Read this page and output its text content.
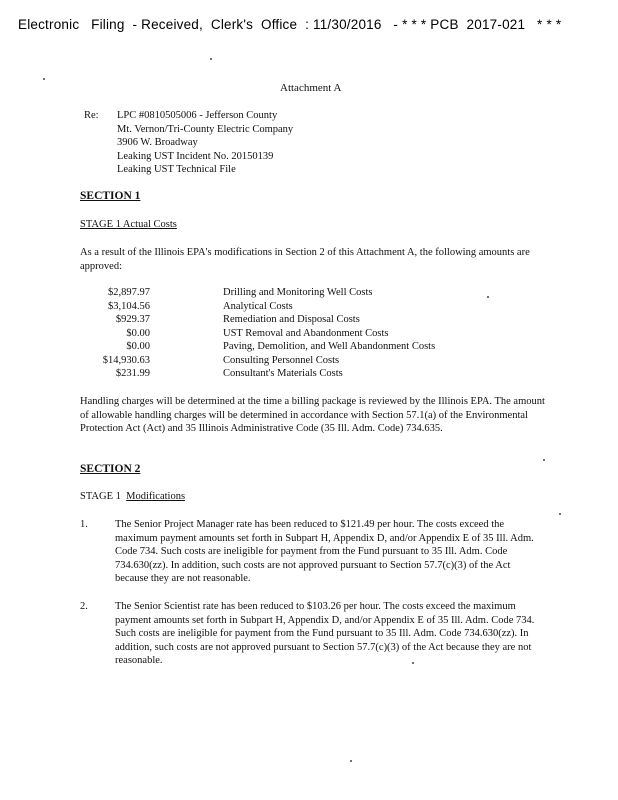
Electronic   Filing  - Received,  Clerk's  Office  : 11/30/2016   - * * * PCB  2017-021   * * *
Attachment A
Re: LPC #0810505006 - Jefferson County
Mt. Vernon/Tri-County Electric Company
3906 W. Broadway
Leaking UST Incident No. 20150139
Leaking UST Technical File
SECTION 1
STAGE 1 Actual Costs
As a result of the Illinois EPA's modifications in Section 2 of this Attachment A, the following amounts are approved:
$2,897.97	Drilling and Monitoring Well Costs
$3,104.56	Analytical Costs
$929.37	Remediation and Disposal Costs
$0.00	UST Removal and Abandonment Costs
$0.00	Paving, Demolition, and Well Abandonment Costs
$14,930.63	Consulting Personnel Costs
$231.99	Consultant's Materials Costs
Handling charges will be determined at the time a billing package is reviewed by the Illinois EPA. The amount of allowable handling charges will be determined in accordance with Section 57.1(a) of the Environmental Protection Act (Act) and 35 Illinois Administrative Code (35 Ill. Adm. Code) 734.635.
SECTION 2
STAGE 1 Modifications
1.	The Senior Project Manager rate has been reduced to $121.49 per hour. The costs exceed the maximum payment amounts set forth in Subpart H, Appendix D, and/or Appendix E of 35 Ill. Adm. Code 734. Such costs are ineligible for payment from the Fund pursuant to 35 Ill. Adm. Code 734.630(zz). In addition, such costs are not approved pursuant to Section 57.7(c)(3) of the Act because they are not reasonable.
2.	The Senior Scientist rate has been reduced to $103.26 per hour. The costs exceed the maximum payment amounts set forth in Subpart H, Appendix D, and/or Appendix E of 35 Ill. Adm. Code 734. Such costs are ineligible for payment from the Fund pursuant to 35 Ill. Adm. Code 734.630(zz). In addition, such costs are not approved pursuant to Section 57.7(c)(3) of the Act because they are not reasonable.
